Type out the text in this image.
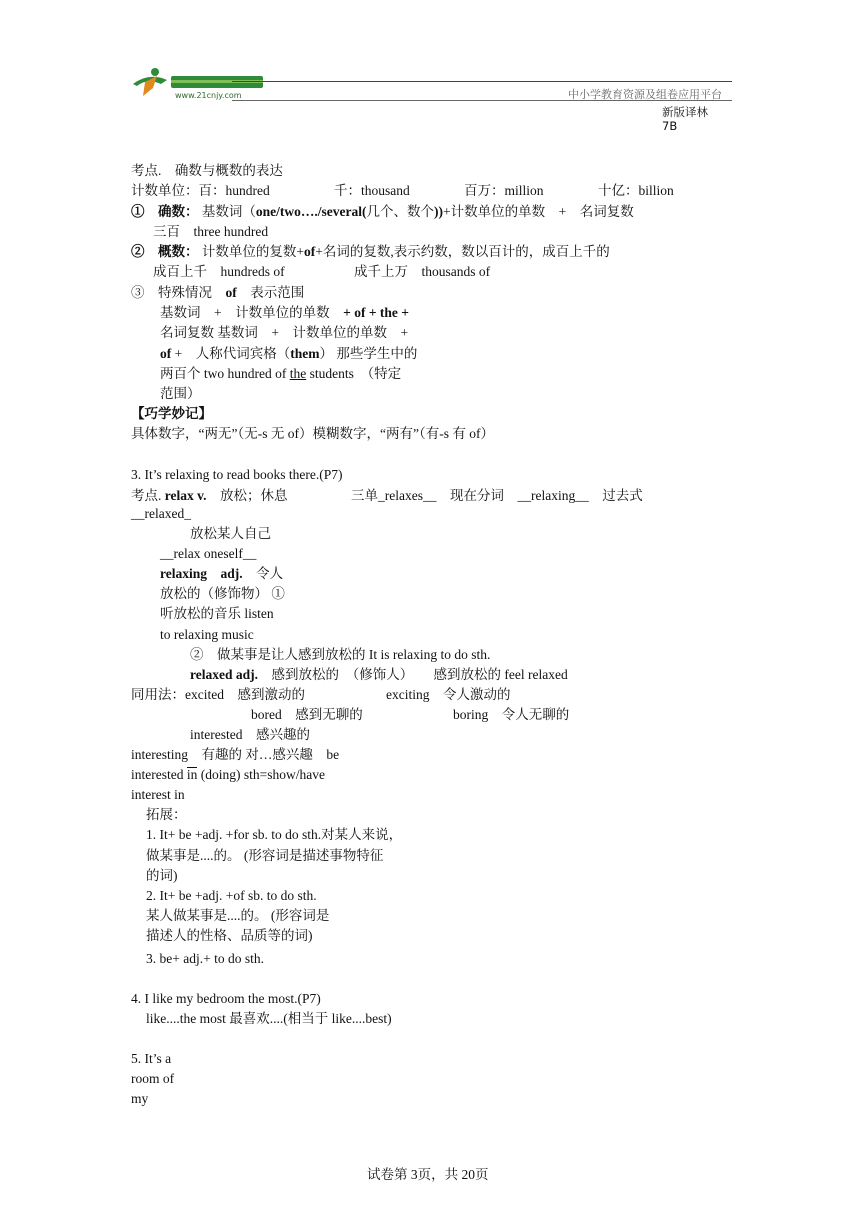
www.21cnjy.com	中小学教育资源及组卷应用平台
新版译林
7B
考点.　确数与概数的表达
计数单位：百：hundred	千：thousand	百万：million	十亿：billion
①　确数： 基数词（one/two…./several(几个、数个))+计数单位的单数　+　名词复数
三百　three hundred
②　概数： 计数单位的复数+of+名词的复数,表示约数，数以百计的，成百上千的
成百上千　hundreds of	成千上万　thousands of
③　特殊情况　of　表示范围
基数词　+　计数单位的单数　+ of + the +
名词复数 基数词　+　计数单位的单数　+
of +　人称代词宾格（them） 那些学生中的
两百个 two hundred of the students　（特定
范围）
【巧学妙记】
具体数字，“两无”（无-s 无 of）模糊数字，“两有”（有-s 有 of）
3. It’s relaxing to read books there.(P7)
考点. relax v.　放松；休息	三单_relaxes__　现在分词　__relaxing__　过去式
__relaxed_
放松某人自己
__relax oneself__
relaxing　adj.　令人
放松的（修饰物） ①
听放松的音乐 listen
to relaxing music
②　做某事是让人感到放松的 It is relaxing to do sth.
relaxed adj.　感到放松的　（修饰人）　　感到放松的 feel relaxed
同用法：excited　感到激动的	exciting　令人激动的
bored　感到无聊的	boring　令人无聊的
interested　感兴趣的
interesting　有趣的 对…感兴趣　be
interested in (doing) sth=show/have
interest in
拓展：
1. It+ be +adj. +for sb. to do sth.对某人来说，
做某事是....的。 (形容词是描述事物特征
的词)
2. It+ be +adj. +of sb. to do sth.
某人做某事是....的。 (形容词是
描述人的性格、品质等的词)
3. be+ adj.+ to do sth.
4. I like my bedroom the most.(P7)
like....the most 最喜欢....(相当于 like....best)
5. It’s a
room of
my
试卷第 3页，共 20页
